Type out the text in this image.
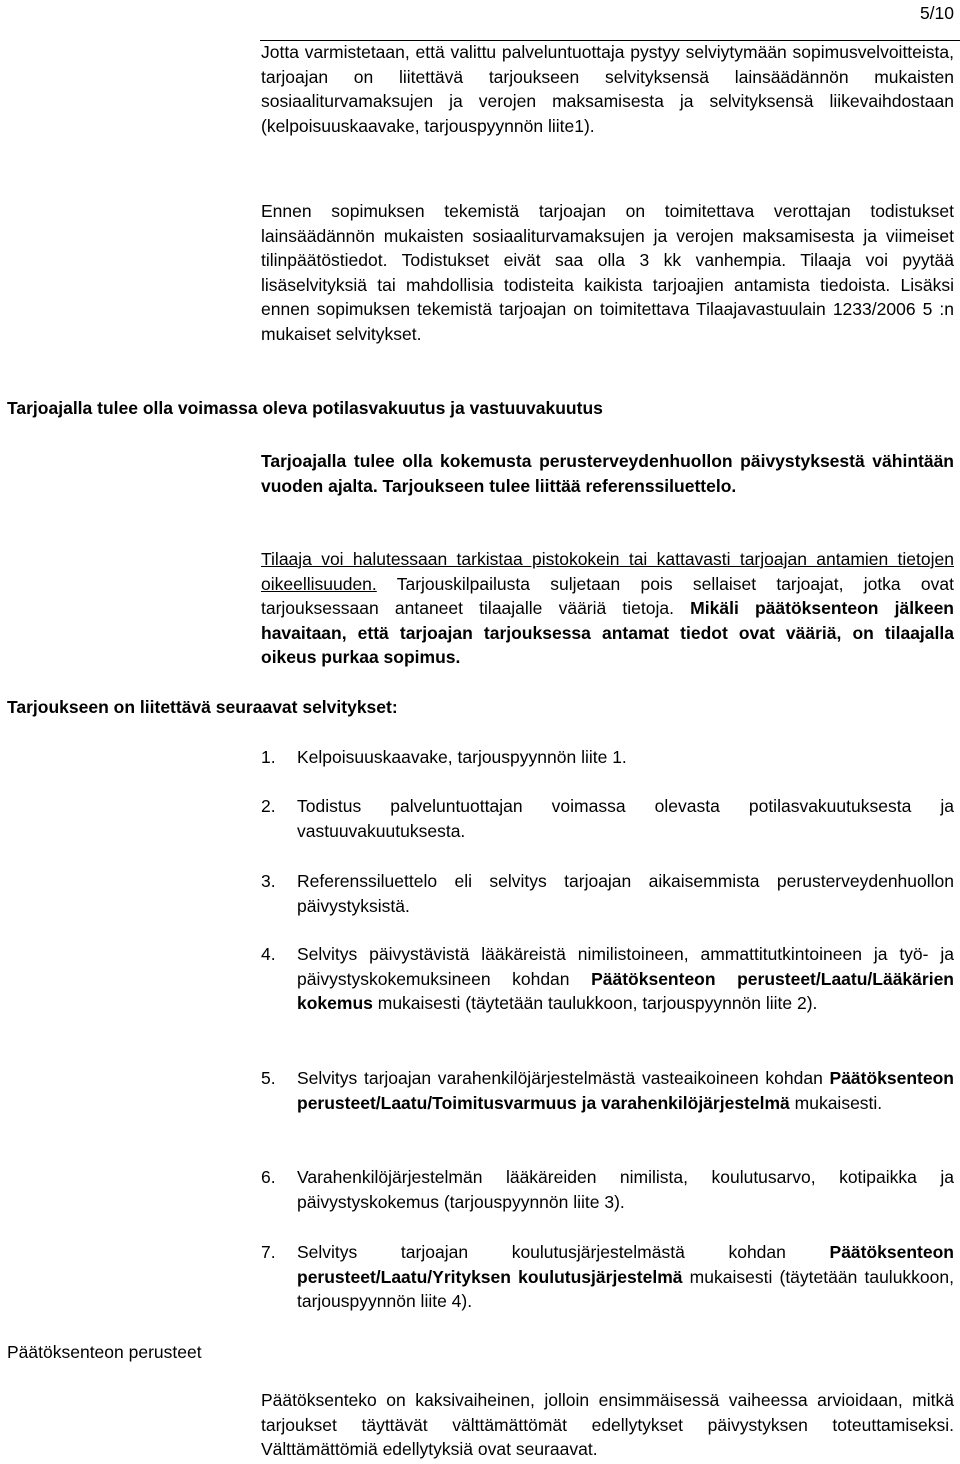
5/10

Jotta varmistetaan, että valittu palveluntuottaja pystyy selviytymään sopimusvelvoitteista, tarjoajan on liitettävä tarjoukseen selvityksensä lainsäädännön mukaisten sosiaaliturvamaksujen ja verojen maksamisesta ja selvityksensä liikevaihdostaan (kelpoisuuskaavake, tarjouspyynnön liite1).

Ennen sopimuksen tekemistä tarjoajan on toimitettava verottajan todistukset lainsäädännön mukaisten sosiaaliturvamaksujen ja verojen maksamisesta ja viimeiset tilinpäätöstiedot. Todistukset eivät saa olla 3 kk vanhempia. Tilaaja voi pyytää lisäselvityksiä tai mahdollisia todisteita kaikista tarjoajien antamista tiedoista. Lisäksi ennen sopimuksen tekemistä tarjoajan on toimitettava Tilaajavastuulain 1233/2006 5 :n mukaiset selvitykset.

Tarjoajalla tulee olla voimassa oleva potilasvakuutus ja vastuuvakuutus

Tarjoajalla tulee olla kokemusta perusterveydenhuollon päivystyksestä vähintään vuoden ajalta. Tarjoukseen tulee liittää referenssiluettelo.

Tilaaja voi halutessaan tarkistaa pistokokein tai kattavasti tarjoajan antamien tietojen oikeellisuuden. Tarjouskilpailusta suljetaan pois sellaiset tarjoajat, jotka ovat tarjouksessaan antaneet tilaajalle vääriä tietoja. Mikäli päätöksenteon jälkeen havaitaan, että tarjoajan tarjouksessa antamat tiedot ovat vääriä, on tilaajalla oikeus purkaa sopimus.

Tarjoukseen on liitettävä seuraavat selvitykset:
1.	Kelpoisuuskaavake, tarjouspyynnön liite 1.
2.	Todistus palveluntuottajan voimassa olevasta potilasvakuutuksesta ja vastuuvakuutuksesta.
3.	Referenssiluettelo eli selvitys tarjoajan aikaisemmista perusterveydenhuollon päivystyksistä.
4.	Selvitys päivystävistä lääkäreistä nimilistoineen, ammattitutkintoineen ja työ- ja päivystyskokemuksineen kohdan Päätöksenteon perusteet/Laatu/Lääkärien kokemus mukaisesti (täytetään taulukkoon, tarjouspyynnön liite 2).
5.	Selvitys tarjoajan varahenkilöjärjestelmästä vasteaikoineen kohdan Päätöksenteon perusteet/Laatu/Toimitusvarmuus ja varahenkilöjärjestelmä mukaisesti.
6.	Varahenkilöjärjestelmän lääkäreiden nimilista, koulutusarvo, kotipaikka ja päivystyskokemus (tarjouspyynnön liite 3).
7.	Selvitys tarjoajan koulutusjärjestelmästä kohdan Päätöksenteon perusteet/Laatu/Yrityksen koulutusjärjestelmä mukaisesti (täytetään taulukkoon, tarjouspyynnön liite 4).
Päätöksenteon perusteet

Päätöksenteko on kaksivaiheinen, jolloin ensimmäisessä vaiheessa arvioidaan, mitkä tarjoukset täyttävät välttämättömät edellytykset päivystyksen toteuttamiseksi. Välttämättömiä edellytyksiä ovat seuraavat.
